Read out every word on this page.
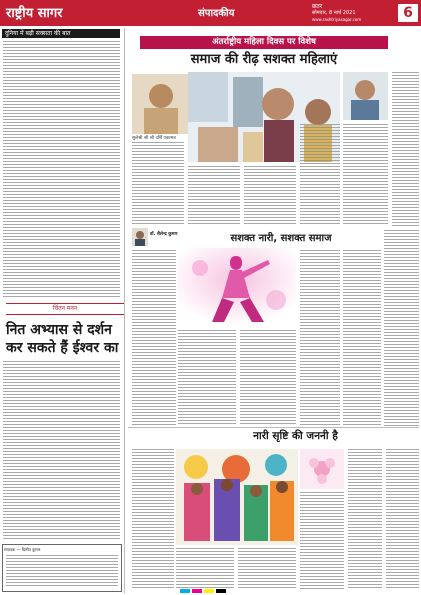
राष्ट्रीय सागर	संपादकीय
छतर
सोमवार, 8 मार्च 2021
www.rashtriyasagar.com	6
दुनिया में बढ़ी सक्सता की बात
चिंतन मनन
नित अभ्यास से दर्शन कर सकते हैं ईश्वर का
संपादक — दिलीप कुमार
अंतर्राष्ट्रीय महिला दिवस पर विशेष
समाज की रीढ़ सशक्त महिलाएं
सुलेश्री श्री श्री दर्शि एकामत्र
डॉ. शैलेन्द्र कुमार	सशक्त नारी, सशक्त समाज
नारी सृष्टि की जननी है
